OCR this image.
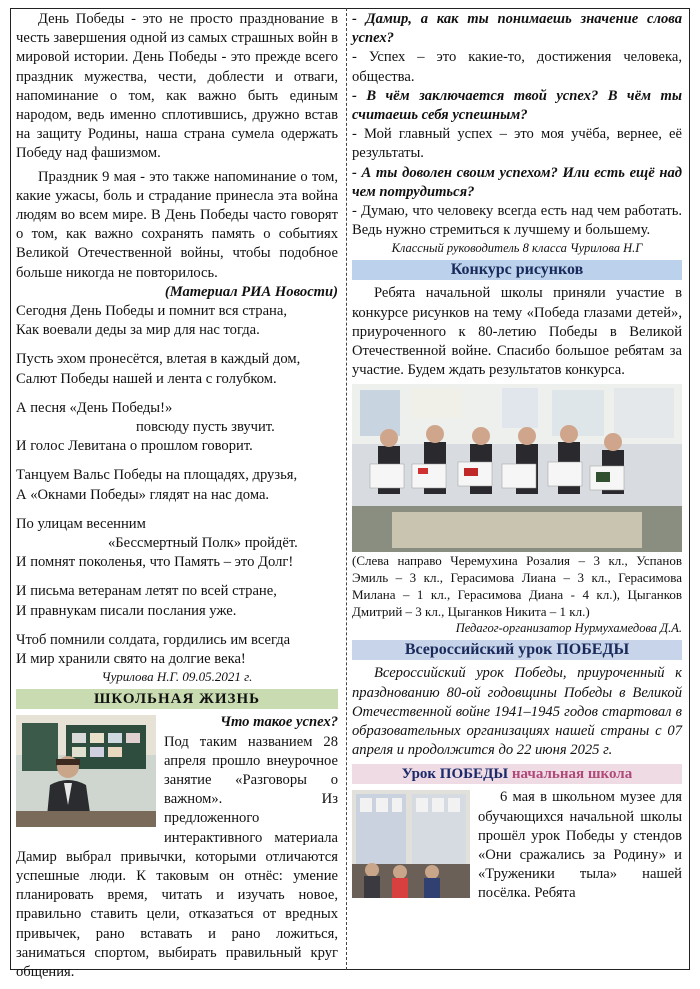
День Победы - это не просто празднование в честь завершения одной из самых страшных войн в мировой истории. День Победы - это прежде всего праздник мужества, чести, доблести и отваги, напоминание о том, как важно быть единым народом, ведь именно сплотившись, дружно встав на защиту Родины, наша страна сумела одержать Победу над фашизмом.

Праздник 9 мая - это также напоминание о том, какие ужасы, боль и страдание принесла эта война людям во всем мире. В День Победы часто говорят о том, как важно сохранять память о событиях Великой Отечественной войны, чтобы подобное больше никогда не повторилось.

(Материал РИА Новости)

Сегодня День Победы и помнит вся страна,

Как воевали деды за мир для нас тогда.

Пусть эхом пронесётся, влетая в каждый дом,

Салют Победы нашей и лента с голубком.

А песня «День Победы!»

повсюду пусть звучит.

И голос Левитана о прошлом говорит.

Танцуем Вальс Победы на площадях, друзья,

А «Окнами Победы» глядят на нас дома.

По улицам весенним

«Бессмертный Полк» пройдёт.

И помнят поколенья, что Память – это Долг!

И письма ветеранам летят по всей стране,

И правнукам писали послания уже.

Чтоб помнили солдата, гордились им всегда

И мир хранили свято на долгие века!

Чурилова Н.Г. 09.05.2021 г.

ШКОЛЬНАЯ ЖИЗНЬ

Что такое успех?

Под таким названием 28 апреля прошло внеурочное занятие «Разговоры о важном». Из предложенного интерактивного материала Дамир выбрал привычки, которыми отличаются успешные люди. К таковым он отнёс: умение планировать время, читать и изучать новое, правильно ставить цели, отказаться от вредных привычек, рано вставать и рано ложиться, заниматься спортом, выбирать правильный круг общения.

- Дамир, а как ты понимаешь значение слова успех?

- Успех – это какие-то, достижения человека, общества.

- В чём заключается твой успех? В чём ты считаешь себя успешным?

- Мой главный успех – это моя учёба, вернее, её результаты.

- А ты доволен своим успехом? Или есть ещё над чем потрудиться?

- Думаю, что человеку всегда есть над чем работать. Ведь нужно стремиться к лучшему и большему.

Классный руководитель 8 класса Чурилова Н.Г

Конкурс рисунков

Ребята начальной школы приняли участие в конкурсе рисунков на тему «Победа глазами детей», приуроченного к 80-летию Победы в Великой Отечественной войне. Спасибо большое ребятам за участие. Будем ждать результатов конкурса.

(Слева направо Черемухина Розалия – 3 кл., Успанов Эмиль – 3 кл., Герасимова Лиана – 3 кл., Герасимова Милана – 1 кл., Герасимова Диана - 4 кл.), Цыганков Дмитрий – 3 кл., Цыганков Никита – 1 кл.)

Педагог-организатор Нурмухамедова Д.А.

Всероссийский урок ПОБЕДЫ

Всероссийский урок Победы, приуроченный к празднованию 80-ой годовщины Победы в Великой Отечественной войне 1941–1945 годов стартовал в образовательных организациях нашей страны с 07 апреля и продолжится до 22 июня 2025 г.

Урок ПОБЕДЫ начальная школа

6 мая в школьном музее для обучающихся начальной школы прошёл урок Победы у стендов «Они сражались за Родину» и «Труженики тыла» нашей посёлка. Ребята
